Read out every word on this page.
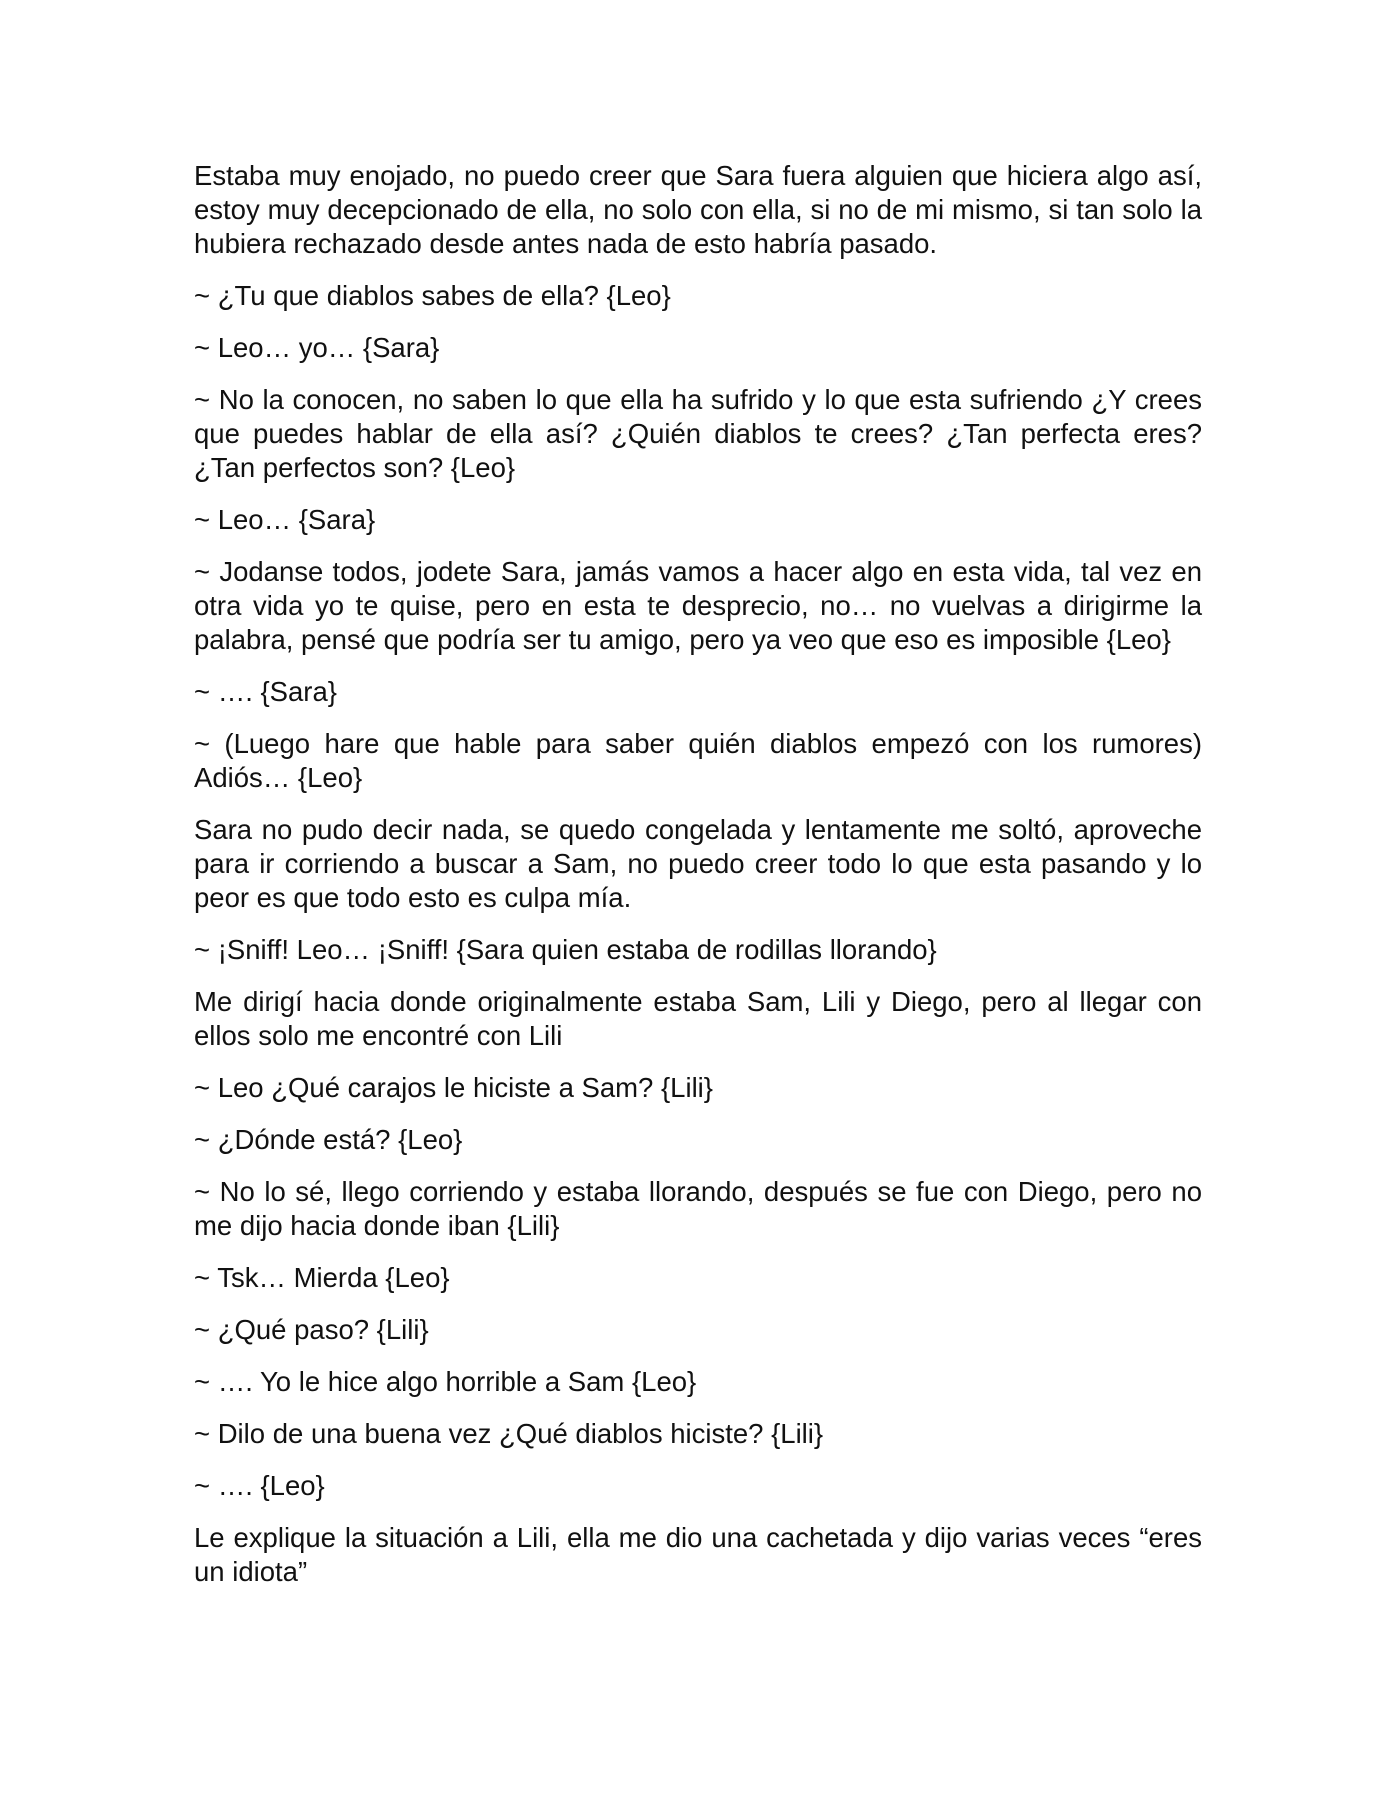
Estaba muy enojado, no puedo creer que Sara fuera alguien que hiciera algo así, estoy muy decepcionado de ella, no solo con ella, si no de mi mismo, si tan solo la hubiera rechazado desde antes nada de esto habría pasado.

~ ¿Tu que diablos sabes de ella? {Leo}

~ Leo… yo… {Sara}

~ No la conocen, no saben lo que ella ha sufrido y lo que esta sufriendo ¿Y crees que puedes hablar de ella así? ¿Quién diablos te crees? ¿Tan perfecta eres? ¿Tan perfectos son? {Leo}

~ Leo… {Sara}

~ Jodanse todos, jodete Sara, jamás vamos a hacer algo en esta vida, tal vez en otra vida yo te quise, pero en esta te desprecio, no… no vuelvas a dirigirme la palabra, pensé que podría ser tu amigo, pero ya veo que eso es imposible {Leo}

~ …. {Sara}

~ (Luego hare que hable para saber quién diablos empezó con los rumores) Adiós… {Leo}

Sara no pudo decir nada, se quedo congelada y lentamente me soltó, aproveche para ir corriendo a buscar a Sam, no puedo creer todo lo que esta pasando y lo peor es que todo esto es culpa mía.

~ ¡Sniff! Leo… ¡Sniff! {Sara quien estaba de rodillas llorando}

Me dirigí hacia donde originalmente estaba Sam, Lili y Diego, pero al llegar con ellos solo me encontré con Lili

~ Leo ¿Qué carajos le hiciste a Sam? {Lili}

~ ¿Dónde está? {Leo}

~ No lo sé, llego corriendo y estaba llorando, después se fue con Diego, pero no me dijo hacia donde iban {Lili}

~ Tsk… Mierda {Leo}

~ ¿Qué paso? {Lili}

~ …. Yo le hice algo horrible a Sam {Leo}

~ Dilo de una buena vez ¿Qué diablos hiciste? {Lili}

~ …. {Leo}

Le explique la situación a Lili, ella me dio una cachetada y dijo varias veces “eres un idiota”
